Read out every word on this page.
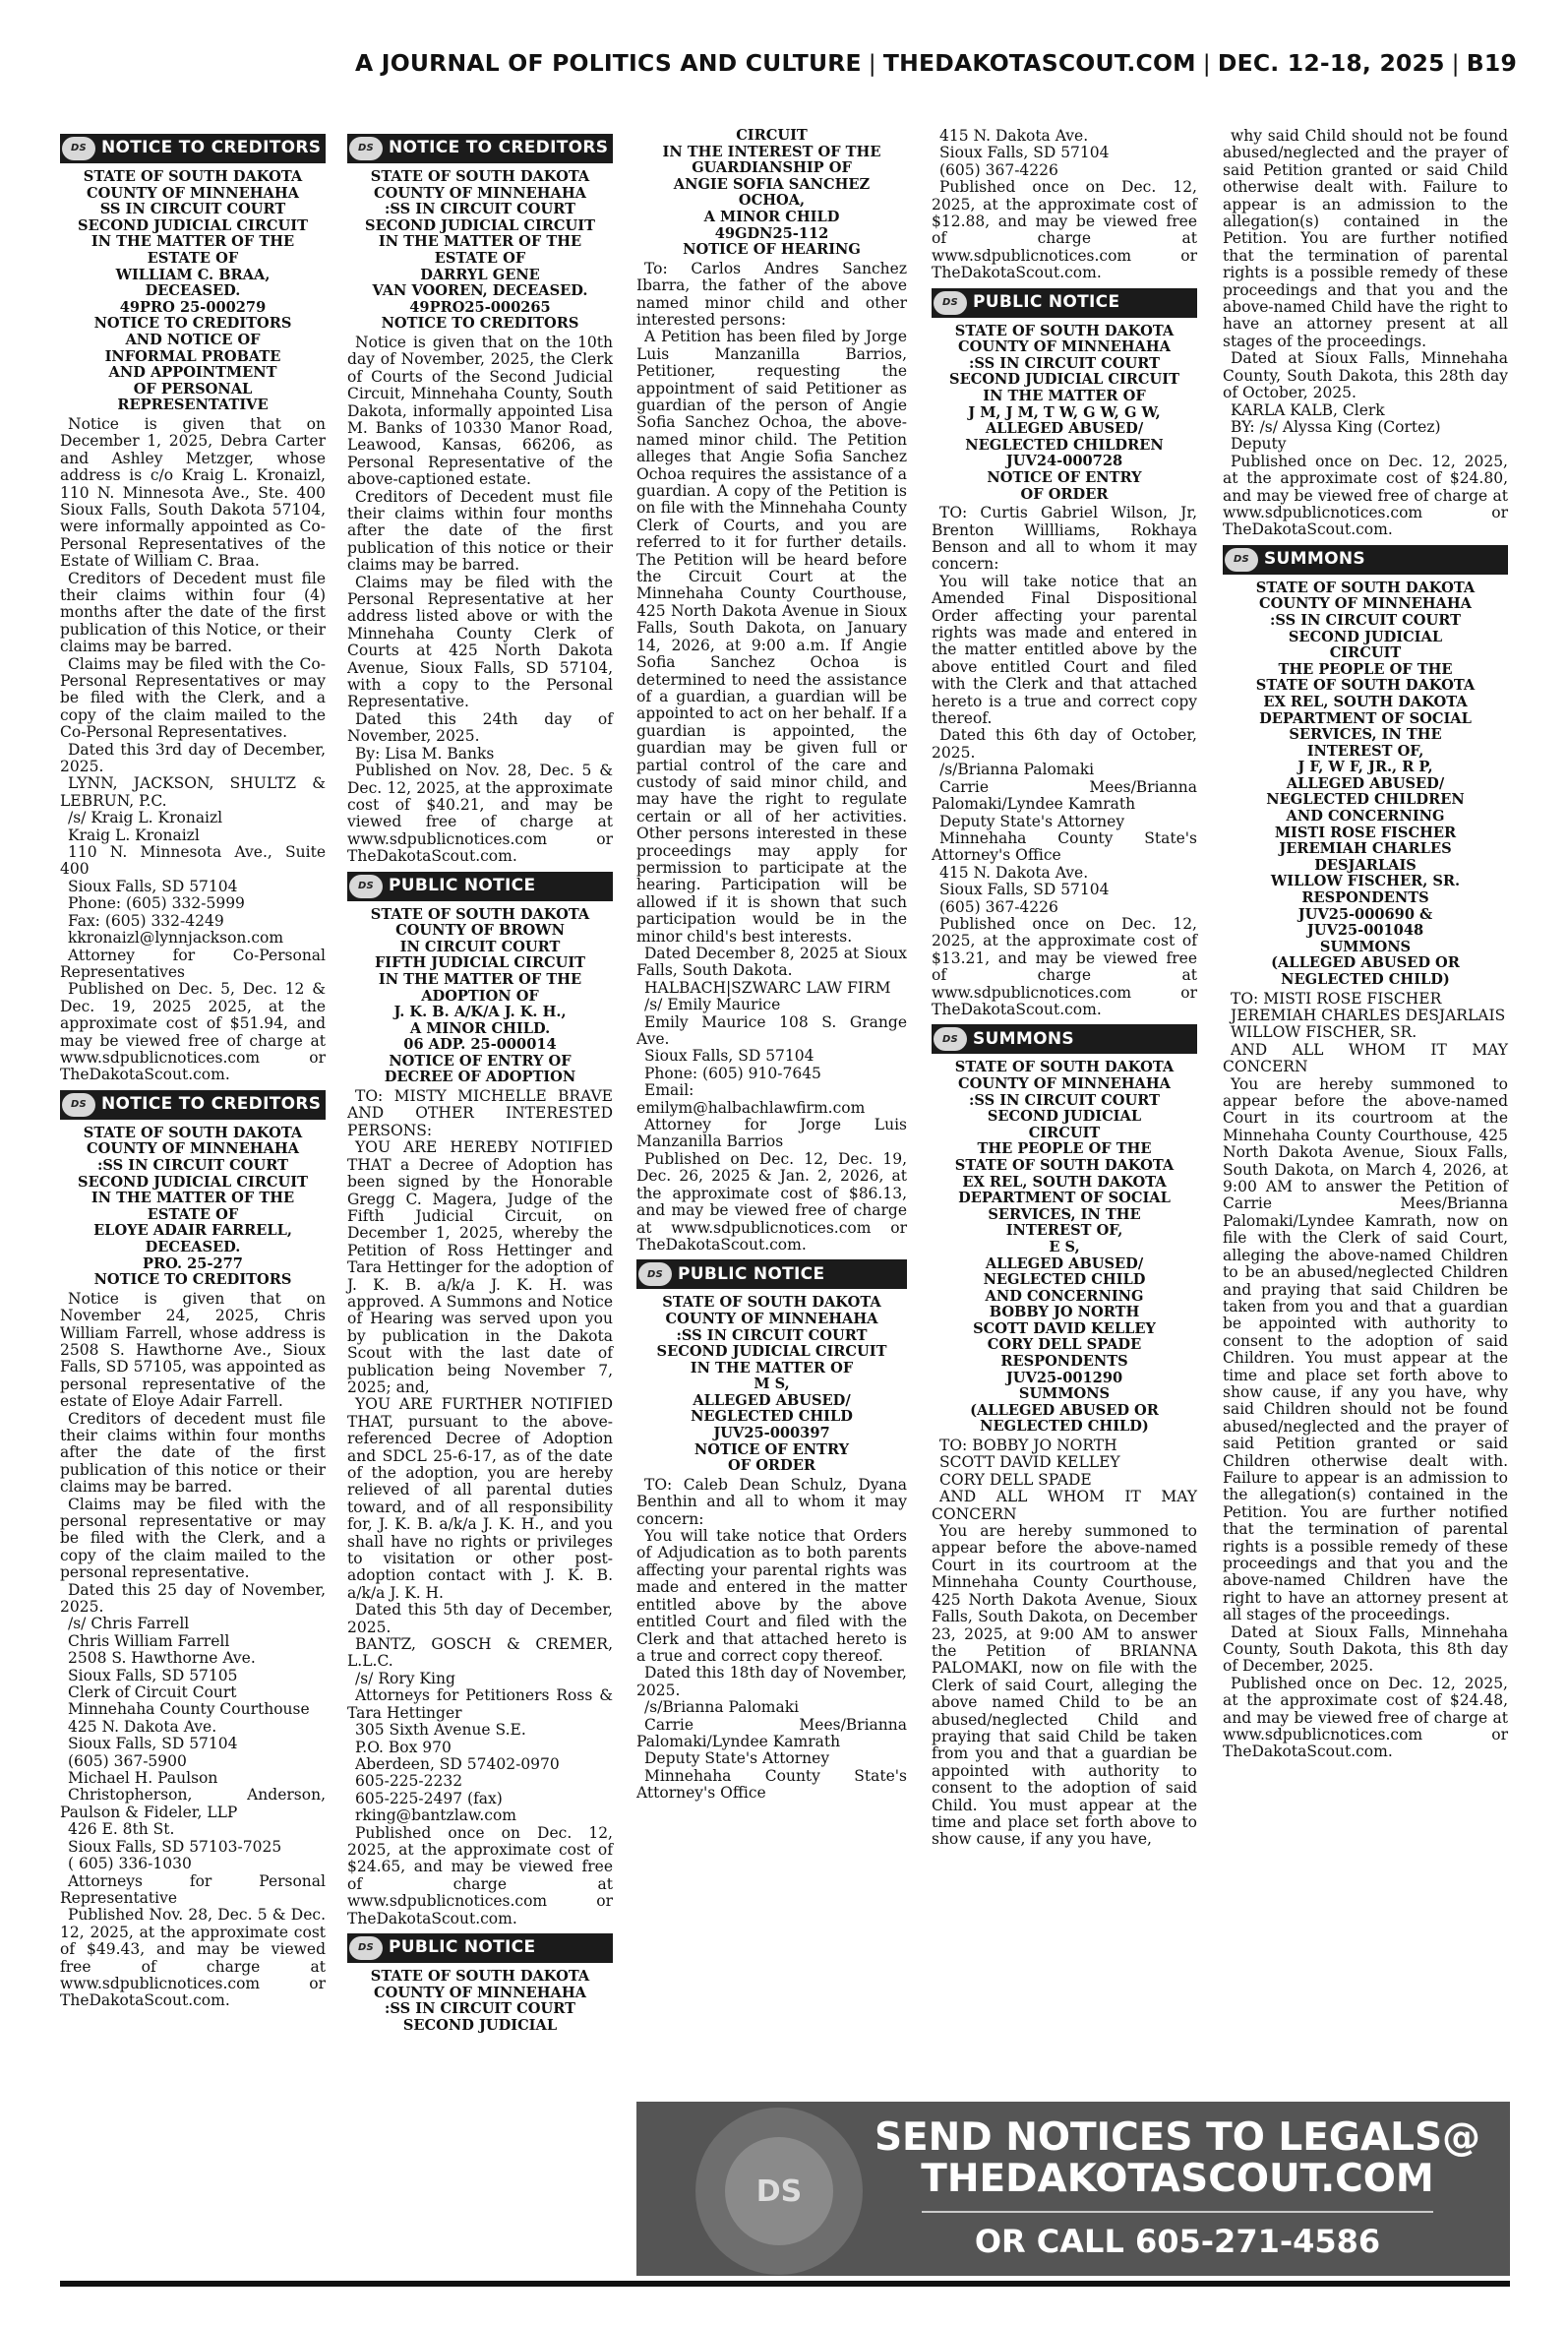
A JOURNAL OF POLITICS AND CULTURE | THEDAKOTASCOUT.COM | DEC. 12-18, 2025 | B19
DS NOTICE TO CREDITORS
STATE OF SOUTH DAKOTA
COUNTY OF MINNEHAHA
SS IN CIRCUIT COURT
SECOND JUDICIAL CIRCUIT
IN THE MATTER OF THE
ESTATE OF
WILLIAM C. BRAA,
DECEASED.
49PRO 25-000279
NOTICE TO CREDITORS
AND NOTICE OF
INFORMAL PROBATE
AND APPOINTMENT
OF PERSONAL
REPRESENTATIVE

Notice is given that on December 1, 2025, Debra Carter and Ashley Metzger, whose address is c/o Kraig L. Kronaizl, 110 N. Minnesota Ave., Ste. 400 Sioux Falls, South Dakota 57104, were informally appointed as Co-Personal Representatives of the Estate of William C. Braa.

Creditors of Decedent must file their claims within four (4) months after the date of the first publication of this Notice, or their claims may be barred.

Claims may be filed with the Co-Personal Representatives or may be filed with the Clerk, and a copy of the claim mailed to the Co-Personal Representatives.

Dated this 3rd day of December, 2025.

LYNN, JACKSON, SHULTZ & LEBRUN, P.C.

/s/ Kraig L. Kronaizl

Kraig L. Kronaizl

110 N. Minnesota Ave., Suite 400

Sioux Falls, SD 57104

Phone: (605) 332-5999

Fax: (605) 332-4249

kkronaizl@lynnjackson.com

Attorney for Co-Personal Representatives

Published on Dec. 5, Dec. 12 & Dec. 19, 2025 2025, at the approximate cost of $51.94, and may be viewed free of charge at www.sdpublicnotices.com or TheDakotaScout.com.

DS NOTICE TO CREDITORS
STATE OF SOUTH DAKOTA
COUNTY OF MINNEHAHA
:SS IN CIRCUIT COURT
SECOND JUDICIAL CIRCUIT
IN THE MATTER OF THE
ESTATE OF
ELOYE ADAIR FARRELL,
DECEASED.
PRO. 25-277
NOTICE TO CREDITORS

Notice is given that on November 24, 2025, Chris William Farrell, whose address is 2508 S. Hawthorne Ave., Sioux Falls, SD 57105, was appointed as personal representative of the estate of Eloye Adair Farrell.

Creditors of decedent must file their claims within four months after the date of the first publication of this notice or their claims may be barred.

Claims may be filed with the personal representative or may be filed with the Clerk, and a copy of the claim mailed to the personal representative.

Dated this 25 day of November, 2025.

/s/ Chris Farrell

Chris William Farrell

2508 S. Hawthorne Ave.

Sioux Falls, SD 57105

Clerk of Circuit Court

Minnehaha County Courthouse

425 N. Dakota Ave.

Sioux Falls, SD 57104

(605) 367-5900

Michael H. Paulson

Christopherson, Anderson, Paulson & Fideler, LLP

426 E. 8th St.

Sioux Falls, SD 57103-7025

( 605) 336-1030

Attorneys for Personal Representative

Published Nov. 28, Dec. 5 & Dec. 12, 2025, at the approximate cost of $49.43, and may be viewed free of charge at www.sdpublicnotices.com or TheDakotaScout.com.

DS NOTICE TO CREDITORS
STATE OF SOUTH DAKOTA
COUNTY OF MINNEHAHA
:SS IN CIRCUIT COURT
SECOND JUDICIAL CIRCUIT
IN THE MATTER OF THE
ESTATE OF
DARRYL GENE
VAN VOOREN, DECEASED.
49PRO25-000265
NOTICE TO CREDITORS

Notice is given that on the 10th day of November, 2025, the Clerk of Courts of the Second Judicial Circuit, Minnehaha County, South Dakota, informally appointed Lisa M. Banks of 10330 Manor Road, Leawood, Kansas, 66206, as Personal Representative of the above-captioned estate.

Creditors of Decedent must file their claims within four months after the date of the first publication of this notice or their claims may be barred.

Claims may be filed with the Personal Representative at her address listed above or with the Minnehaha County Clerk of Courts at 425 North Dakota Avenue, Sioux Falls, SD 57104, with a copy to the Personal Representative.

Dated this 24th day of November, 2025.

By: Lisa M. Banks

Published on Nov. 28, Dec. 5 & Dec. 12, 2025, at the approximate cost of $40.21, and may be viewed free of charge at www.sdpublicnotices.com or TheDakotaScout.com.

DS PUBLIC NOTICE
STATE OF SOUTH DAKOTA
COUNTY OF BROWN
IN CIRCUIT COURT
FIFTH JUDICIAL CIRCUIT
IN THE MATTER OF THE
ADOPTION OF
J. K. B. A/K/A J. K. H.,
A MINOR CHILD.
06 ADP. 25-000014
NOTICE OF ENTRY OF
DECREE OF ADOPTION

TO: MISTY MICHELLE BRAVE AND OTHER INTERESTED PERSONS:

YOU ARE HEREBY NOTIFIED THAT a Decree of Adoption has been signed by the Honorable Gregg C. Magera, Judge of the Fifth Judicial Circuit, on December 1, 2025, whereby the Petition of Ross Hettinger and Tara Hettinger for the adoption of J. K. B. a/k/a J. K. H. was approved. A Summons and Notice of Hearing was served upon you by publication in the Dakota Scout with the last date of publication being November 7, 2025; and,

YOU ARE FURTHER NOTIFIED THAT, pursuant to the above-referenced Decree of Adoption and SDCL 25-6-17, as of the date of the adoption, you are hereby relieved of all parental duties toward, and of all responsibility for, J. K. B. a/k/a J. K. H., and you shall have no rights or privileges to visitation or other post-adoption contact with J. K. B. a/k/a J. K. H.

Dated this 5th day of December, 2025.

BANTZ, GOSCH & CREMER, L.L.C.

/s/ Rory King

Attorneys for Petitioners Ross & Tara Hettinger

305 Sixth Avenue S.E.

P.O. Box 970

Aberdeen, SD 57402-0970

605-225-2232

605-225-2497 (fax)

rking@bantzlaw.com

Published once on Dec. 12, 2025, at the approximate cost of $24.65, and may be viewed free of charge at www.sdpublicnotices.com or TheDakotaScout.com.

DS PUBLIC NOTICE
STATE OF SOUTH DAKOTA
COUNTY OF MINNEHAHA
:SS IN CIRCUIT COURT
SECOND JUDICIAL
CIRCUIT
IN THE INTEREST OF THE
GUARDIANSHIP OF
ANGIE SOFIA SANCHEZ
OCHOA,
A MINOR CHILD
49GDN25-112
NOTICE OF HEARING

To: Carlos Andres Sanchez Ibarra, the father of the above named minor child and other interested persons:

A Petition has been filed by Jorge Luis Manzanilla Barrios, Petitioner, requesting the appointment of said Petitioner as guardian of the person of Angie Sofia Sanchez Ochoa, the above-named minor child. The Petition alleges that Angie Sofia Sanchez Ochoa requires the assistance of a guardian. A copy of the Petition is on file with the Minnehaha County Clerk of Courts, and you are referred to it for further details. The Petition will be heard before the Circuit Court at the Minnehaha County Courthouse, 425 North Dakota Avenue in Sioux Falls, South Dakota, on January 14, 2026, at 9:00 a.m. If Angie Sofia Sanchez Ochoa is determined to need the assistance of a guardian, a guardian will be appointed to act on her behalf. If a guardian is appointed, the guardian may be given full or partial control of the care and custody of said minor child, and may have the right to regulate certain or all of her activities. Other persons interested in these proceedings may apply for permission to participate at the hearing. Participation will be allowed if it is shown that such participation would be in the minor child's best interests.

Dated December 8, 2025 at Sioux Falls, South Dakota.

HALBACH|SZWARC LAW FIRM

/s/ Emily Maurice

Emily Maurice 108 S. Grange Ave.

Sioux Falls, SD 57104

Phone: (605) 910-7645

Email: emilym@halbachlawfirm.com

Attorney for Jorge Luis Manzanilla Barrios

Published on Dec. 12, Dec. 19, Dec. 26, 2025 & Jan. 2, 2026, at the approximate cost of $86.13, and may be viewed free of charge at www.sdpublicnotices.com or TheDakotaScout.com.

DS PUBLIC NOTICE
STATE OF SOUTH DAKOTA
COUNTY OF MINNEHAHA
:SS IN CIRCUIT COURT
SECOND JUDICIAL CIRCUIT
IN THE MATTER OF
M S,
ALLEGED ABUSED/
NEGLECTED CHILD
JUV25-000397
NOTICE OF ENTRY
OF ORDER

TO: Caleb Dean Schulz, Dyana Benthin and all to whom it may concern:

You will take notice that Orders of Adjudication as to both parents affecting your parental rights was made and entered in the matter entitled above by the above entitled Court and filed with the Clerk and that attached hereto is a true and correct copy thereof.

Dated this 18th day of November, 2025.

/s/Brianna Palomaki

Carrie Mees/Brianna Palomaki/Lyndee Kamrath

Deputy State's Attorney

Minnehaha County State's Attorney's Office

415 N. Dakota Ave.

Sioux Falls, SD 57104

(605) 367-4226

Published once on Dec. 12, 2025, at the approximate cost of $12.88, and may be viewed free of charge at www.sdpublicnotices.com or TheDakotaScout.com.

DS PUBLIC NOTICE
STATE OF SOUTH DAKOTA
COUNTY OF MINNEHAHA
:SS IN CIRCUIT COURT
SECOND JUDICIAL CIRCUIT
IN THE MATTER OF
J M, J M, T W, G W, G W,
ALLEGED ABUSED/
NEGLECTED CHILDREN
JUV24-000728
NOTICE OF ENTRY
OF ORDER

TO: Curtis Gabriel Wilson, Jr, Brenton Willliams, Rokhaya Benson and all to whom it may concern:

You will take notice that an Amended Final Dispositional Order affecting your parental rights was made and entered in the matter entitled above by the above entitled Court and filed with the Clerk and that attached hereto is a true and correct copy thereof.

Dated this 6th day of October, 2025.

/s/Brianna Palomaki

Carrie Mees/Brianna Palomaki/Lyndee Kamrath

Deputy State's Attorney

Minnehaha County State's Attorney's Office

415 N. Dakota Ave.

Sioux Falls, SD 57104

(605) 367-4226

Published once on Dec. 12, 2025, at the approximate cost of $13.21, and may be viewed free of charge at www.sdpublicnotices.com or TheDakotaScout.com.

DS SUMMONS
STATE OF SOUTH DAKOTA
COUNTY OF MINNEHAHA
:SS IN CIRCUIT COURT
SECOND JUDICIAL
CIRCUIT
THE PEOPLE OF THE
STATE OF SOUTH DAKOTA
EX REL, SOUTH DAKOTA
DEPARTMENT OF SOCIAL
SERVICES, IN THE
INTEREST OF,
E S,
ALLEGED ABUSED/
NEGLECTED CHILD
AND CONCERNING
BOBBY JO NORTH
SCOTT DAVID KELLEY
CORY DELL SPADE
RESPONDENTS
JUV25-001290
SUMMONS
(ALLEGED ABUSED OR
NEGLECTED CHILD)

TO: BOBBY JO NORTH

SCOTT DAVID KELLEY

CORY DELL SPADE

AND ALL WHOM IT MAY CONCERN

You are hereby summoned to appear before the above-named Court in its courtroom at the Minnehaha County Courthouse, 425 North Dakota Avenue, Sioux Falls, South Dakota, on December 23, 2025, at 9:00 AM to answer the Petition of BRIANNA PALOMAKI, now on file with the Clerk of said Court, alleging the above named Child to be an abused/neglected Child and praying that said Child be taken from you and that a guardian be appointed with authority to consent to the adoption of said Child. You must appear at the time and place set forth above to show cause, if any you have,

why said Child should not be found abused/neglected and the prayer of said Petition granted or said Child otherwise dealt with. Failure to appear is an admission to the allegation(s) contained in the Petition. You are further notified that the termination of parental rights is a possible remedy of these proceedings and that you and the above-named Child have the right to have an attorney present at all stages of the proceedings.

Dated at Sioux Falls, Minnehaha County, South Dakota, this 28th day of October, 2025.

KARLA KALB, Clerk

BY: /s/ Alyssa King (Cortez)

Deputy

Published once on Dec. 12, 2025, at the approximate cost of $24.80, and may be viewed free of charge at www.sdpublicnotices.com or TheDakotaScout.com.

DS SUMMONS
STATE OF SOUTH DAKOTA
COUNTY OF MINNEHAHA
:SS IN CIRCUIT COURT
SECOND JUDICIAL
CIRCUIT
THE PEOPLE OF THE
STATE OF SOUTH DAKOTA
EX REL, SOUTH DAKOTA
DEPARTMENT OF SOCIAL
SERVICES, IN THE
INTEREST OF,
J F, W F, JR., R P,
ALLEGED ABUSED/
NEGLECTED CHILDREN
AND CONCERNING
MISTI ROSE FISCHER
JEREMIAH CHARLES
DESJARLAIS
WILLOW FISCHER, SR.
RESPONDENTS
JUV25-000690 &
JUV25-001048
SUMMONS
(ALLEGED ABUSED OR
NEGLECTED CHILD)

TO: MISTI ROSE FISCHER

JEREMIAH CHARLES DESJARLAIS

WILLOW FISCHER, SR.

AND ALL WHOM IT MAY CONCERN

You are hereby summoned to appear before the above-named Court in its courtroom at the Minnehaha County Courthouse, 425 North Dakota Avenue, Sioux Falls, South Dakota, on March 4, 2026, at 9:00 AM to answer the Petition of Carrie Mees/Brianna Palomaki/Lyndee Kamrath, now on file with the Clerk of said Court, alleging the above-named Children to be an abused/neglected Children and praying that said Children be taken from you and that a guardian be appointed with authority to consent to the adoption of said Children. You must appear at the time and place set forth above to show cause, if any you have, why said Children should not be found abused/neglected and the prayer of said Petition granted or said Children otherwise dealt with. Failure to appear is an admission to the allegation(s) contained in the Petition. You are further notified that the termination of parental rights is a possible remedy of these proceedings and that you and the above-named Children have the right to have an attorney present at all stages of the proceedings.

Dated at Sioux Falls, Minnehaha County, South Dakota, this 8th day of December, 2025.

Published once on Dec. 12, 2025, at the approximate cost of $24.48, and may be viewed free of charge at www.sdpublicnotices.com or TheDakotaScout.com.

DS
SEND NOTICES TO LEGALS@
THEDAKOTASCOUT.COM
OR CALL 605-271-4586
